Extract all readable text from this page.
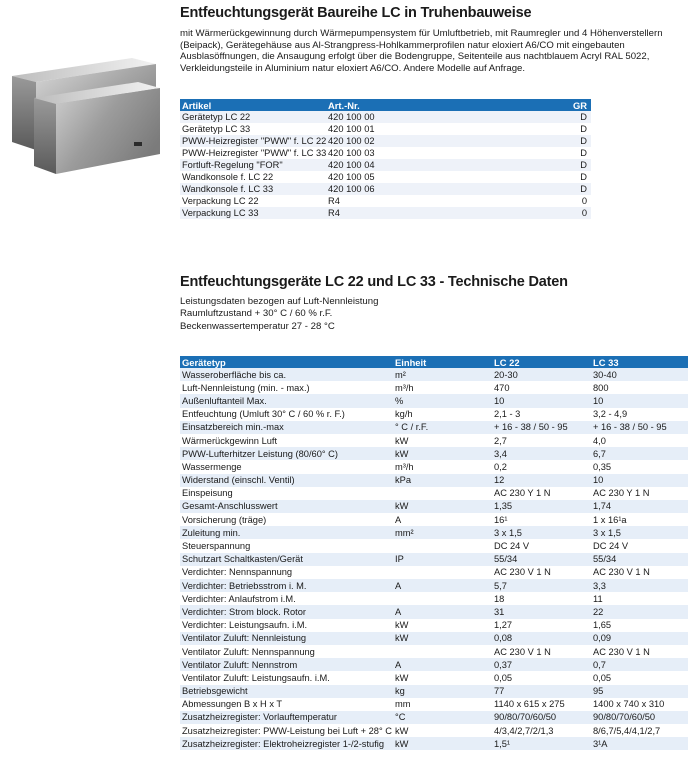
Entfeuchtungsgerät Baureihe LC in Truhenbauweise

mit Wärmerückgewinnung durch Wärmepumpensystem für Umluftbetrieb, mit Raumregler und 4 Höhenverstellern (Beipack), Gerätegehäuse aus Al-Strangpress-Hohlkammerprofilen natur eloxiert A6/CO mit eingebauten Ausblasöffnungen, die Ansaugung erfolgt über die Bodengruppe, Seitenteile aus nachtblauem Acryl RAL 5022, Verkleidungsteile in Aluminium natur eloxiert A6/CO. Andere Modelle auf Anfrage.

Artikel	Art.-Nr.	GR
Gerätetyp LC 22	420 100 00	D
Gerätetyp LC 33	420 100 01	D
PWW-Heizregister "PWW" f. LC 22	420 100 02	D
PWW-Heizregister "PWW" f. LC 33	420 100 03	D
Fortluft-Regelung "FOR"	420 100 04	D
Wandkonsole f. LC 22	420 100 05	D
Wandkonsole f. LC 33	420 100 06	D
Verpackung LC 22	R4	0
Verpackung LC 33	R4	0
Entfeuchtungsgeräte LC 22 und LC 33 - Technische Daten
Leistungsdaten bezogen auf Luft-Nennleistung
Raumluftzustand + 30° C / 60 % r.F.
Beckenwassertemperatur 27 - 28 °C
Gerätetyp	Einheit	LC 22	LC 33
Wasseroberfläche bis ca.	m²	20-30	30-40
Luft-Nennleistung (min. - max.)	m³/h	470	800
Außenluftanteil Max.	%	10	10
Entfeuchtung (Umluft 30° C / 60 % r. F.)	kg/h	2,1 - 3	3,2 - 4,9
Einsatzbereich min.-max	° C / r.F.	+ 16 - 38 / 50 - 95	+ 16 - 38 / 50 - 95
Wärmerückgewinn Luft	kW	2,7	4,0
PWW-Lufterhitzer Leistung (80/60° C)	kW	3,4	6,7
Wassermenge	m³/h	0,2	0,35
Widerstand (einschl. Ventil)	kPa	12	10
Einspeisung		AC 230 Y 1 N	AC 230 Y 1 N
Gesamt-Anschlusswert	kW	1,35	1,74
Vorsicherung (träge)	A	16¹	1 x 16¹a
Zuleitung min.	mm²	3 x 1,5	3 x 1,5
Steuerspannung		DC 24 V	DC 24 V
Schutzart Schaltkasten/Gerät	IP	55/34	55/34
Verdichter: Nennspannung		AC 230 V 1 N	AC 230 V 1 N
Verdichter: Betriebsstrom i. M.	A	5,7	3,3
Verdichter: Anlaufstrom i.M.		18	11
Verdichter: Strom block. Rotor	A	31	22
Verdichter: Leistungsaufn. i.M.	kW	1,27	1,65
Ventilator Zuluft: Nennleistung	kW	0,08	0,09
Ventilator Zuluft: Nennspannung		AC 230 V 1 N	AC 230 V 1 N
Ventilator Zuluft: Nennstrom	A	0,37	0,7
Ventilator Zuluft: Leistungsaufn. i.M.	kW	0,05	0,05
Betriebsgewicht	kg	77	95
Abmessungen B x H x T	mm	1140 x 615 x 275	1400 x 740 x 310
Zusatzheizregister: Vorlauftemperatur	°C	90/80/70/60/50	90/80/70/60/50
Zusatzheizregister: PWW-Leistung bei Luft + 28° C	kW	4/3,4/2,7/2/1,3	8/6,7/5,4/4,1/2,7
Zusatzheizregister: Elektroheizregister 1-/2-stufig	kW	1,5¹	3¹A
